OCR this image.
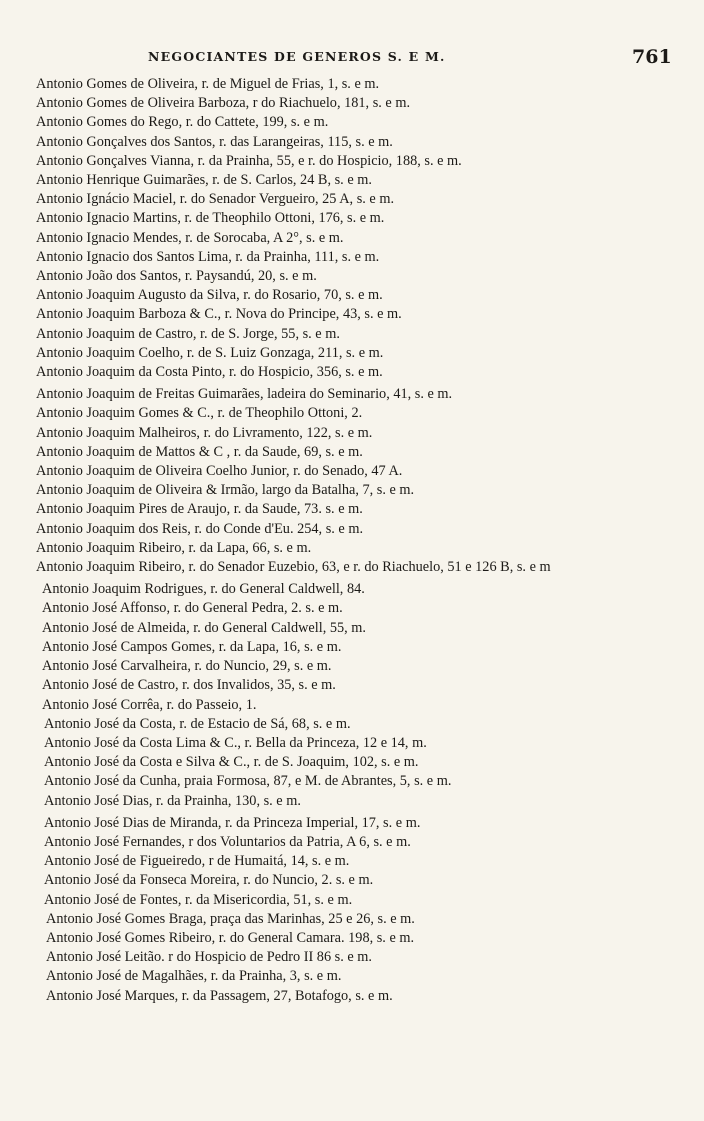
NEGOCIANTES DE GENEROS S. E M.	761
Antonio Gomes de Oliveira, r. de Miguel de Frias, 1, s. e m.
Antonio Gomes de Oliveira Barboza, r do Riachuelo, 181, s. e m.
Antonio Gomes do Rego, r. do Cattete, 199, s. e m.
Antonio Gonçalves dos Santos, r. das Larangeiras, 115, s. e m.
Antonio Gonçalves Vianna, r. da Prainha, 55, e r. do Hospicio, 188, s. e m.
Antonio Henrique Guimarães, r. de S. Carlos, 24 B, s. e m.
Antonio Ignácio Maciel, r. do Senador Vergueiro, 25 A, s. e m.
Antonio Ignacio Martins, r. de Theophilo Ottoni, 176, s. e m.
Antonio Ignacio Mendes, r. de Sorocaba, A 2°, s. e m.
Antonio Ignacio dos Santos Lima, r. da Prainha, 111, s. e m.
Antonio João dos Santos, r. Paysandú, 20, s. e m.
Antonio Joaquim Augusto da Silva, r. do Rosario, 70, s. e m.
Antonio Joaquim Barboza & C., r. Nova do Principe, 43, s. e m.
Antonio Joaquim de Castro, r. de S. Jorge, 55, s. e m.
Antonio Joaquim Coelho, r. de S. Luiz Gonzaga, 211, s. e m.
Antonio Joaquim da Costa Pinto, r. do Hospicio, 356, s. e m.
Antonio Joaquim de Freitas Guimarães, ladeira do Seminario, 41, s. e m.
Antonio Joaquim Gomes & C., r. de Theophilo Ottoni, 2.
Antonio Joaquim Malheiros, r. do Livramento, 122, s. e m.
Antonio Joaquim de Mattos & C , r. da Saude, 69, s. e m.
Antonio Joaquim de Oliveira Coelho Junior, r. do Senado, 47 A.
Antonio Joaquim de Oliveira & Irmão, largo da Batalha, 7, s. e m.
Antonio Joaquim Pires de Araujo, r. da Saude, 73. s. e m.
Antonio Joaquim dos Reis, r. do Conde d'Eu. 254, s. e m.
Antonio Joaquim Ribeiro, r. da Lapa, 66, s. e m.
Antonio Joaquim Ribeiro, r. do Senador Euzebio, 63, e r. do Riachuelo, 51 e 126 B, s. e m
Antonio Joaquim Rodrigues, r. do General Caldwell, 84.
Antonio José Affonso, r. do General Pedra, 2. s. e m.
Antonio José de Almeida, r. do General Caldwell, 55, m.
Antonio José Campos Gomes, r. da Lapa, 16, s. e m.
Antonio José Carvalheira, r. do Nuncio, 29, s. e m.
Antonio José de Castro, r. dos Invalidos, 35, s. e m.
Antonio José Corrêa, r. do Passeio, 1.
Antonio José da Costa, r. de Estacio de Sá, 68, s. e m.
Antonio José da Costa Lima & C., r. Bella da Princeza, 12 e 14, m.
Antonio José da Costa e Silva & C., r. de S. Joaquim, 102, s. e m.
Antonio José da Cunha, praia Formosa, 87, e M. de Abrantes, 5, s. e m.
Antonio José Dias, r. da Prainha, 130, s. e m.
Antonio José Dias de Miranda, r. da Princeza Imperial, 17, s. e m.
Antonio José Fernandes, r dos Voluntarios da Patria, A 6, s. e m.
Antonio José de Figueiredo, r de Humaitá, 14, s. e m.
Antonio José da Fonseca Moreira, r. do Nuncio, 2. s. e m.
Antonio José de Fontes, r. da Misericordia, 51, s. e m.
Antonio José Gomes Braga, praça das Marinhas, 25 e 26, s. e m.
Antonio José Gomes Ribeiro, r. do General Camara. 198, s. e m.
Antonio José Leitão. r do Hospicio de Pedro II 86 s. e m.
Antonio José de Magalhães, r. da Prainha, 3, s. e m.
Antonio José Marques, r. da Passagem, 27, Botafogo, s. e m.
